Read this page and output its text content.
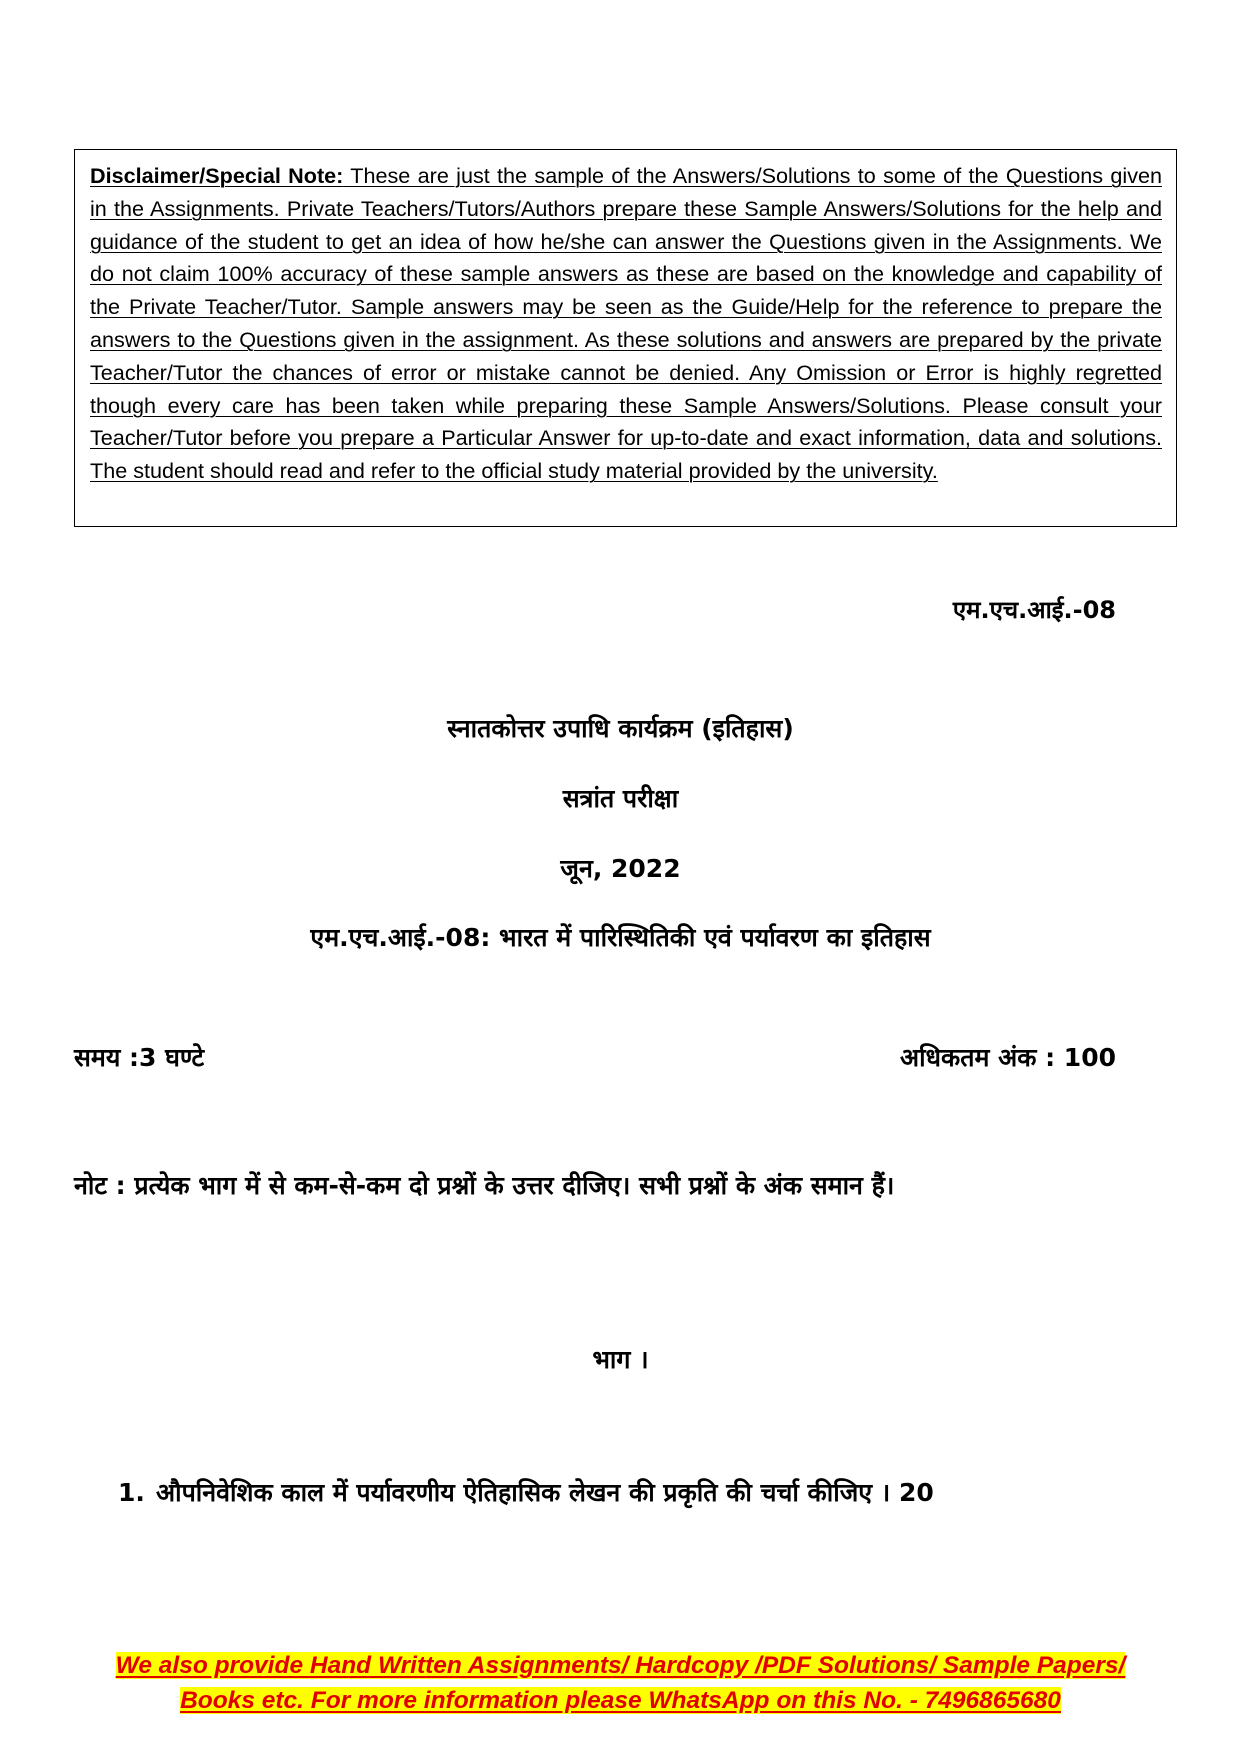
Disclaimer/Special Note: These are just the sample of the Answers/Solutions to some of the Questions given in the Assignments. Private Teachers/Tutors/Authors prepare these Sample Answers/Solutions for the help and guidance of the student to get an idea of how he/she can answer the Questions given in the Assignments. We do not claim 100% accuracy of these sample answers as these are based on the knowledge and capability of the Private Teacher/Tutor. Sample answers may be seen as the Guide/Help for the reference to prepare the answers to the Questions given in the assignment. As these solutions and answers are prepared by the private Teacher/Tutor the chances of error or mistake cannot be denied. Any Omission or Error is highly regretted though every care has been taken while preparing these Sample Answers/Solutions. Please consult your Teacher/Tutor before you prepare a Particular Answer for up-to-date and exact information, data and solutions. The student should read and refer to the official study material provided by the university.

एम.एच.आई.-08
स्नातकोत्तर उपाधि कार्यक्रम (इतिहास)
सत्रांत परीक्षा
जून, 2022
एम.एच.आई.-08: भारत में पारिस्थितिकी एवं पर्यावरण का इतिहास
समय :3 घण्टे	अधिकतम अंक : 100
नोट : प्रत्येक भाग में से कम-से-कम दो प्रश्नों के उत्तर दीजिए। सभी प्रश्नों के अंक समान हैं।
भाग ।
1. औपनिवेशिक काल में पर्यावरणीय ऐतिहासिक लेखन की प्रकृति की चर्चा कीजिए । 20
We also provide Hand Written Assignments/ Hardcopy /PDF Solutions/ Sample Papers/
Books etc. For more information please WhatsApp on this No. - 7496865680
